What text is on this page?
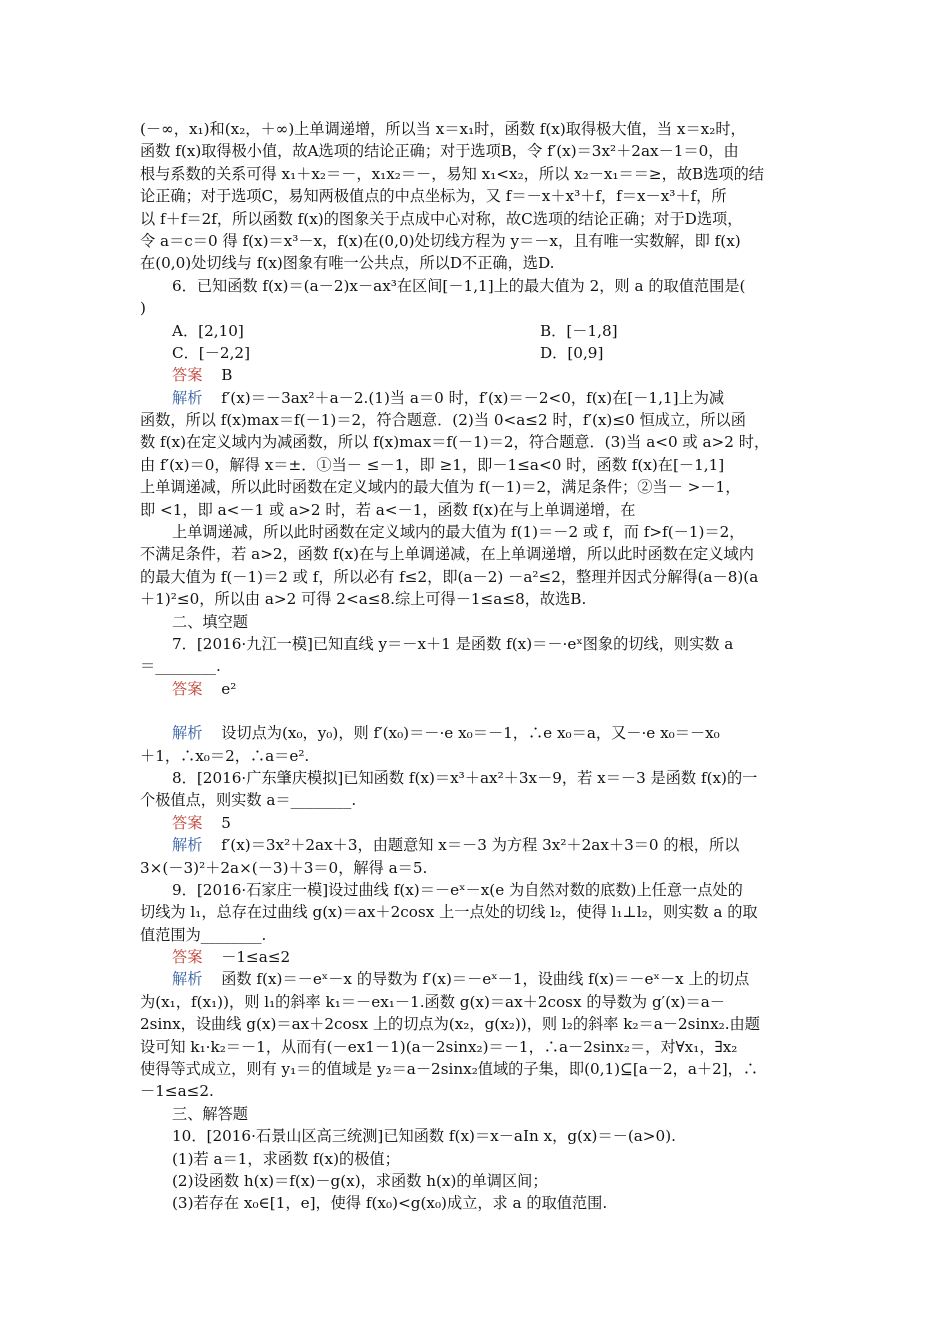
(－∞，x₁)和(x₂，＋∞)上单调递增，所以当 x＝x₁时，函数 f(x)取得极大值，当 x＝x₂时，
函数 f(x)取得极小值，故A选项的结论正确；对于选项B，令 f′(x)＝3x²＋2ax－1＝0，由
根与系数的关系可得 x₁＋x₂＝－，x₁x₂＝－，易知 x₁<x₂，所以 x₂－x₁＝＝≥，故B选项的结
论正确；对于选项C，易知两极值点的中点坐标为，又 f＝－x＋x³＋f，f＝x－x³＋f，所
以 f＋f＝2f，所以函数 f(x)的图象关于点成中心对称，故C选项的结论正确；对于D选项，
令 a＝c＝0 得 f(x)＝x³－x，f(x)在(0,0)处切线方程为 y＝－x，且有唯一实数解，即 f(x)
在(0,0)处切线与 f(x)图象有唯一公共点，所以D不正确，选D.
6．已知函数 f(x)＝(a－2)x－ax³在区间[－1,1]上的最大值为 2，则 a 的取值范围是(
)
A．[2,10]	B．[－1,8]
C．[－2,2]	D．[0,9]
答案 B
解析 f′(x)＝－3ax²＋a－2.(1)当 a＝0 时，f′(x)＝－2<0，f(x)在[－1,1]上为减
函数，所以 f(x)max＝f(－1)＝2，符合题意．(2)当 0<a≤2 时，f′(x)≤0 恒成立，所以函
数 f(x)在定义域内为减函数，所以 f(x)max＝f(－1)＝2，符合题意．(3)当 a<0 或 a>2 时，
由 f′(x)＝0，解得 x＝±．①当－ ≤－1，即 ≥1，即－1≤a<0 时，函数 f(x)在[－1,1]
上单调递减，所以此时函数在定义域内的最大值为 f(－1)＝2，满足条件；②当－ >－1，
即 <1，即 a<－1 或 a>2 时，若 a<－1，函数 f(x)在与上单调递增，在
上单调递减，所以此时函数在定义域内的最大值为 f(1)＝－2 或 f，而 f>f(－1)＝2，
不满足条件，若 a>2，函数 f(x)在与上单调递减，在上单调递增，所以此时函数在定义域内
的最大值为 f(－1)＝2 或 f，所以必有 f≤2，即(a－2) －a²≤2，整理并因式分解得(a－8)(a
＋1)²≤0，所以由 a>2 可得 2<a≤8.综上可得－1≤a≤8，故选B.
二、填空题
7．[2016·九江一模]已知直线 y＝－x＋1 是函数 f(x)＝－·eˣ图象的切线，则实数 a
＝________.
答案 e²
解析 设切点为(x₀，y₀)，则 f′(x₀)＝－·e x₀＝－1，∴e x₀＝a，又－·e x₀＝－x₀
＋1，∴x₀＝2，∴a＝e².
8．[2016·广东肇庆模拟]已知函数 f(x)＝x³＋ax²＋3x－9，若 x＝－3 是函数 f(x)的一
个极值点，则实数 a＝________.
答案 5
解析 f′(x)＝3x²＋2ax＋3，由题意知 x＝－3 为方程 3x²＋2ax＋3＝0 的根，所以
3×(－3)²＋2a×(－3)＋3＝0，解得 a＝5.
9．[2016·石家庄一模]设过曲线 f(x)＝－eˣ－x(e 为自然对数的底数)上任意一点处的
切线为 l₁，总存在过曲线 g(x)＝ax＋2cosx 上一点处的切线 l₂，使得 l₁⊥l₂，则实数 a 的取
值范围为________.
答案 －1≤a≤2
解析 函数 f(x)＝－eˣ－x 的导数为 f′(x)＝－eˣ－1，设曲线 f(x)＝－eˣ－x 上的切点
为(x₁，f(x₁))，则 l₁的斜率 k₁＝－ex₁－1.函数 g(x)＝ax＋2cosx 的导数为 g′(x)＝a－
2sinx，设曲线 g(x)＝ax＋2cosx 上的切点为(x₂，g(x₂))，则 l₂的斜率 k₂＝a－2sinx₂.由题
设可知 k₁·k₂＝－1，从而有(－ex1－1)(a－2sinx₂)＝－1，∴a－2sinx₂＝，对∀x₁，∃x₂
使得等式成立，则有 y₁＝的值域是 y₂＝a－2sinx₂值域的子集，即(0,1)⊆[a－2，a＋2]，∴
－1≤a≤2.
三、解答题
10．[2016·石景山区高三统测]已知函数 f(x)＝x－aIn x，g(x)＝－(a>0).
(1)若 a＝1，求函数 f(x)的极值；
(2)设函数 h(x)＝f(x)－g(x)，求函数 h(x)的单调区间；
(3)若存在 x₀∈[1，e]，使得 f(x₀)<g(x₀)成立，求 a 的取值范围.
